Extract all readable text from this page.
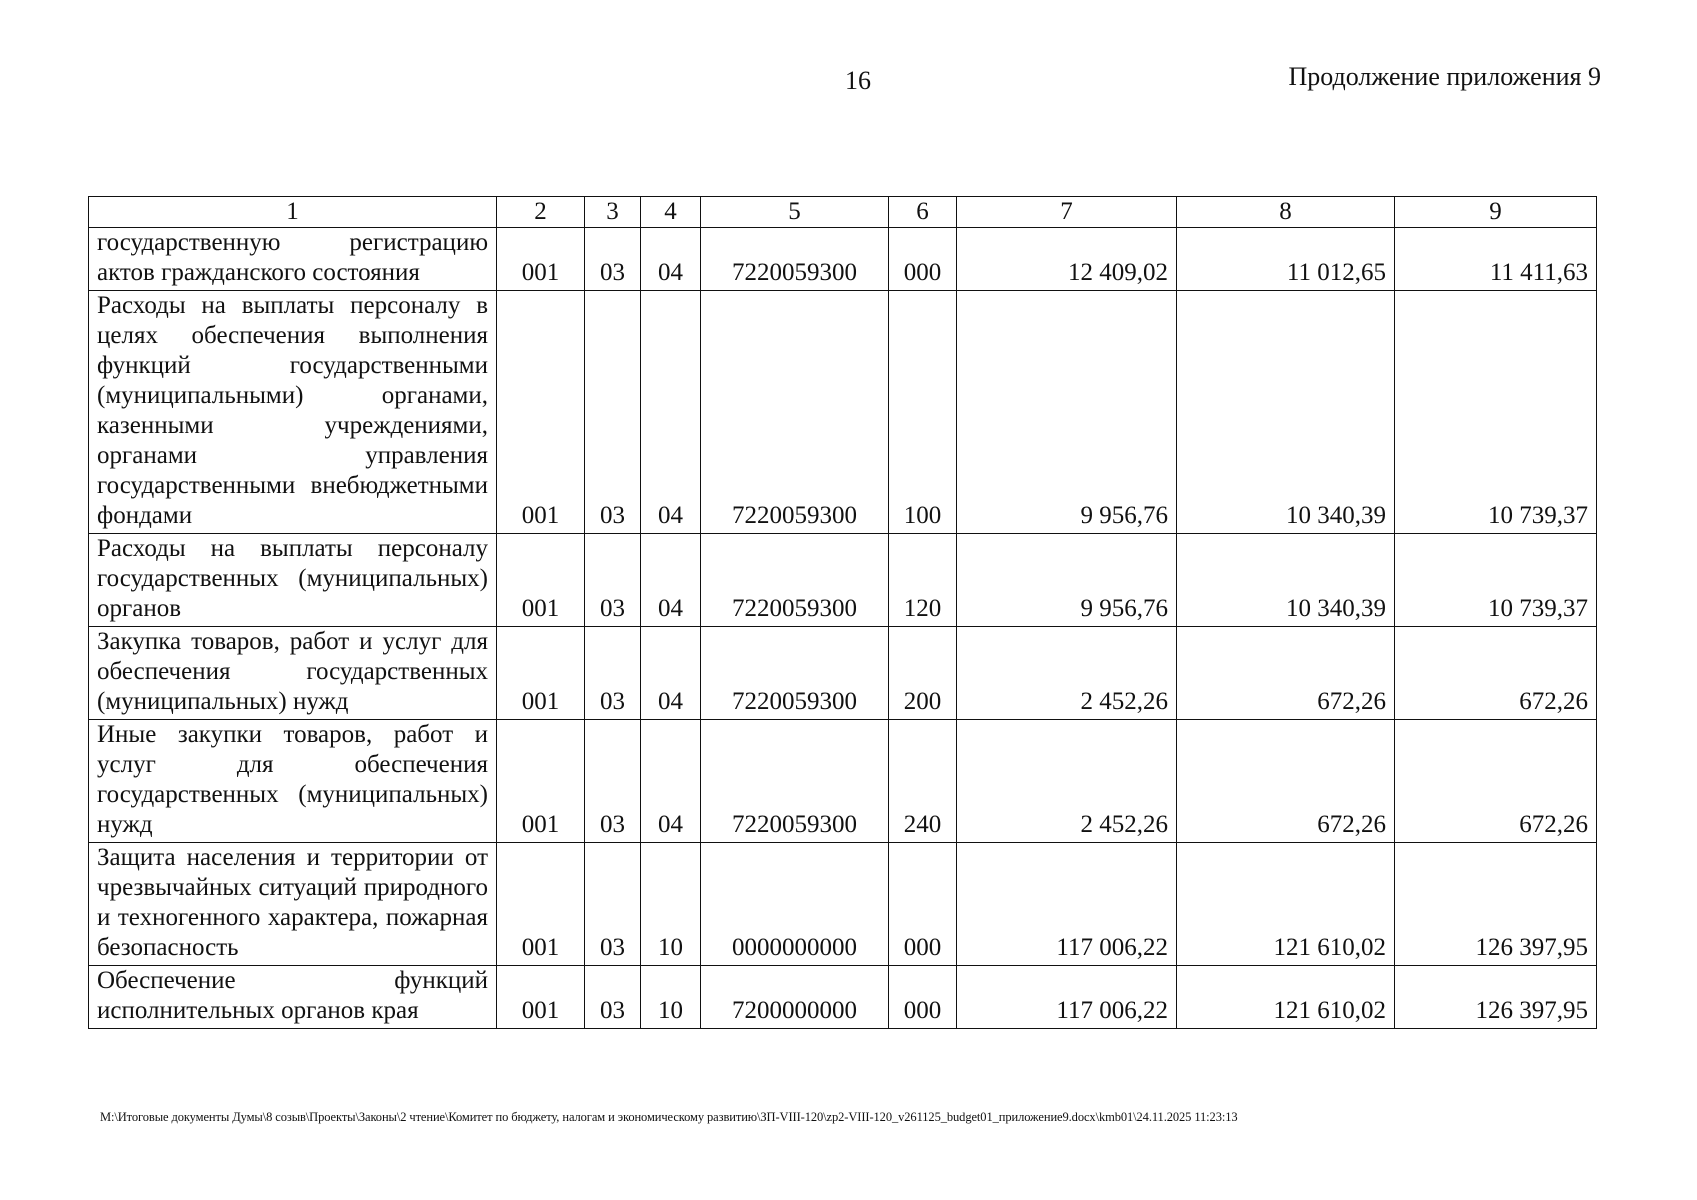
16	Продолжение приложения 9
1	2	3	4	5	6	7	8	9
государственную регистрацию актов гражданского состояния	001	03	04	7220059300	000	12 409,02	11 012,65	11 411,63
Расходы на выплаты персоналу в целях обеспечения выполнения функций государственными (муниципальными) органами, казенными учреждениями, органами управления государственными внебюджетными фондами	001	03	04	7220059300	100	9 956,76	10 340,39	10 739,37
Расходы на выплаты персоналу государственных (муниципальных) органов	001	03	04	7220059300	120	9 956,76	10 340,39	10 739,37
Закупка товаров, работ и услуг для обеспечения государственных (муниципальных) нужд	001	03	04	7220059300	200	2 452,26	672,26	672,26
Иные закупки товаров, работ и услуг для обеспечения государственных (муниципальных) нужд	001	03	04	7220059300	240	2 452,26	672,26	672,26
Защита населения и территории от чрезвычайных ситуаций природного и техногенного характера, пожарная безопасность	001	03	10	0000000000	000	117 006,22	121 610,02	126 397,95
Обеспечение функций исполнительных органов края	001	03	10	7200000000	000	117 006,22	121 610,02	126 397,95
M:\Итоговые документы Думы\8 созыв\Проекты\Законы\2 чтение\Комитет по бюджету, налогам и экономическому развитию\ЗП-VIII-120\zp2-VIII-120_v261125_budget01_приложение9.docx\kmb01\24.11.2025 11:23:13
